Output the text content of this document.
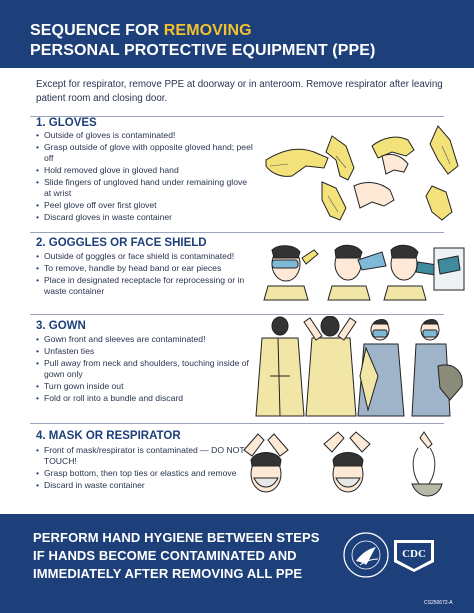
SEQUENCE FOR REMOVING
PERSONAL PROTECTIVE EQUIPMENT (PPE)
Except for respirator, remove PPE at doorway or in anteroom. Remove respirator after leaving patient room and closing door.
1. GLOVES
• Outside of gloves is contaminated!
• Grasp outside of glove with opposite gloved hand; peel off
• Hold removed glove in gloved hand
• Slide fingers of ungloved hand under remaining glove at wrist
• Peel glove off over first glovet
• Discard gloves in waste container
2. GOGGLES OR FACE SHIELD
• Outside of goggles or face shield is contaminated!
• To remove, handle by head band or ear pieces
• Place in designated receptacle for reprocessing or in waste container
3. GOWN
• Gown front and sleeves are contaminated!
• Unfasten ties
• Pull away from neck and shoulders, touching inside of gown only
• Turn gown inside out
• Fold or roll into a bundle and discard
4. MASK OR RESPIRATOR
• Front of mask/respirator is contaminated — DO NOT TOUCH!
• Grasp bottom, then top ties or elastics and remove
• Discard in waste container
PERFORM HAND HYGIENE BETWEEN STEPS
IF HANDS BECOME CONTAMINATED AND
IMMEDIATELY AFTER REMOVING ALL PPE
CDC
CS250672-A
